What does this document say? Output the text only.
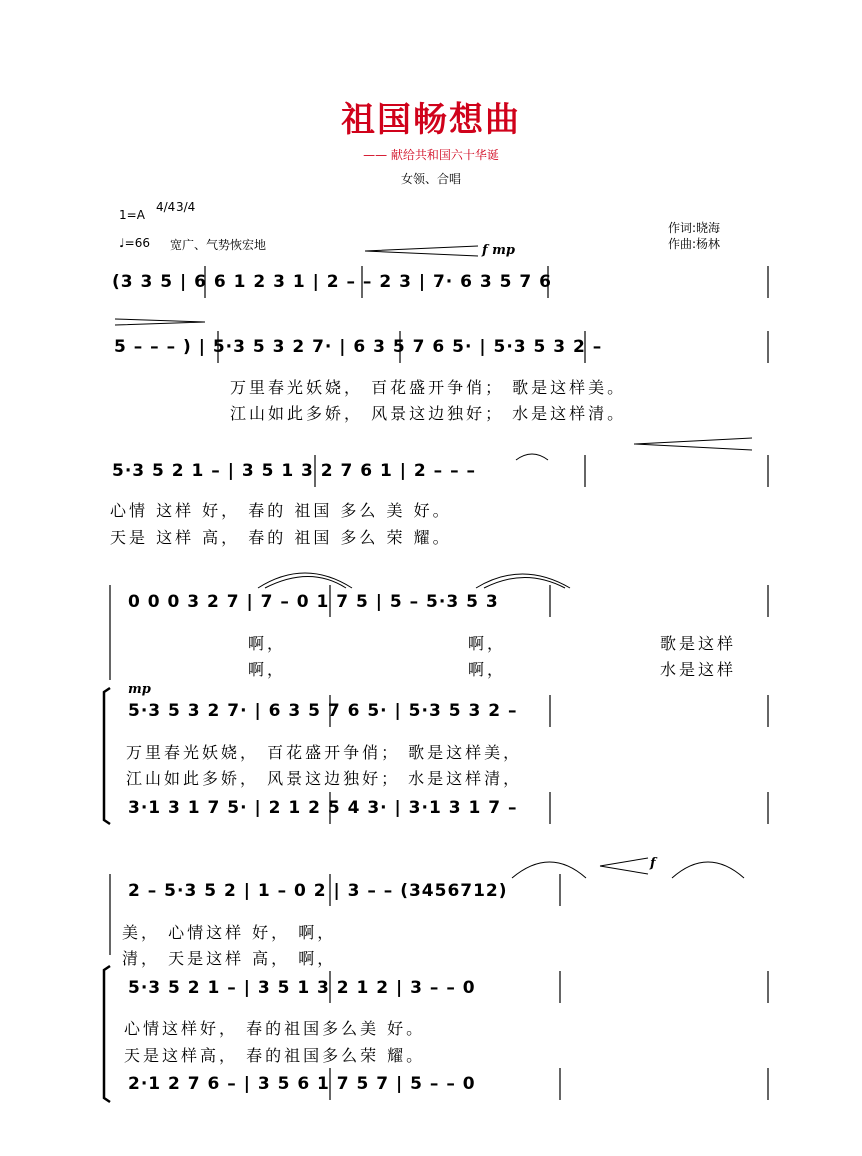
祖国畅想曲
—— 献给共和国六十华诞
女领、合唱
1=A
4/4 3/4
♩=66 宽广、气势恢宏地
作词:晓海
作曲:杨林
f mp
mp
f
(3 3 5 | 6 6 1 2 3 1 | 2 – – 2 3 | 7· 6 3 5 7 6
5 – – – ) | 5·3 5 3 2 7· | 6 3 5 7 6 5· | 5·3 5 3 2 –
万里春光妖娆， 百花盛开争俏； 歌是这样美。
江山如此多娇， 风景这边独好； 水是这样清。
5·3 5 2 1 – | 3 5 1 3 2 7 6 1 | 2 – – –
心情 这样 好， 春的 祖国 多么 美 好。
天是 这样 高， 春的 祖国 多么 荣 耀。
0 0 0 3 2 7 | 7 – 0 1 7 5 | 5 – 5·3 5 3
啊，	啊，	歌是这样
啊，	啊，	水是这样
5·3 5 3 2 7· | 6 3 5 7 6 5· | 5·3 5 3 2 –
万里春光妖娆， 百花盛开争俏； 歌是这样美，
江山如此多娇， 风景这边独好； 水是这样清，
3·1 3 1 7 5· | 2 1 2 5 4 3· | 3·1 3 1 7 –
2 – 5·3 5 2 | 1 – 0 2 | 3 – – (3456712)
美， 心情这样 好， 啊，
清， 天是这样 高， 啊，
5·3 5 2 1 – | 3 5 1 3 2 1 2 | 3 – – 0
心情这样好， 春的祖国多么美 好。
天是这样高， 春的祖国多么荣 耀。
2·1 2 7 6 – | 3 5 6 1 7 5 7 | 5 – – 0
